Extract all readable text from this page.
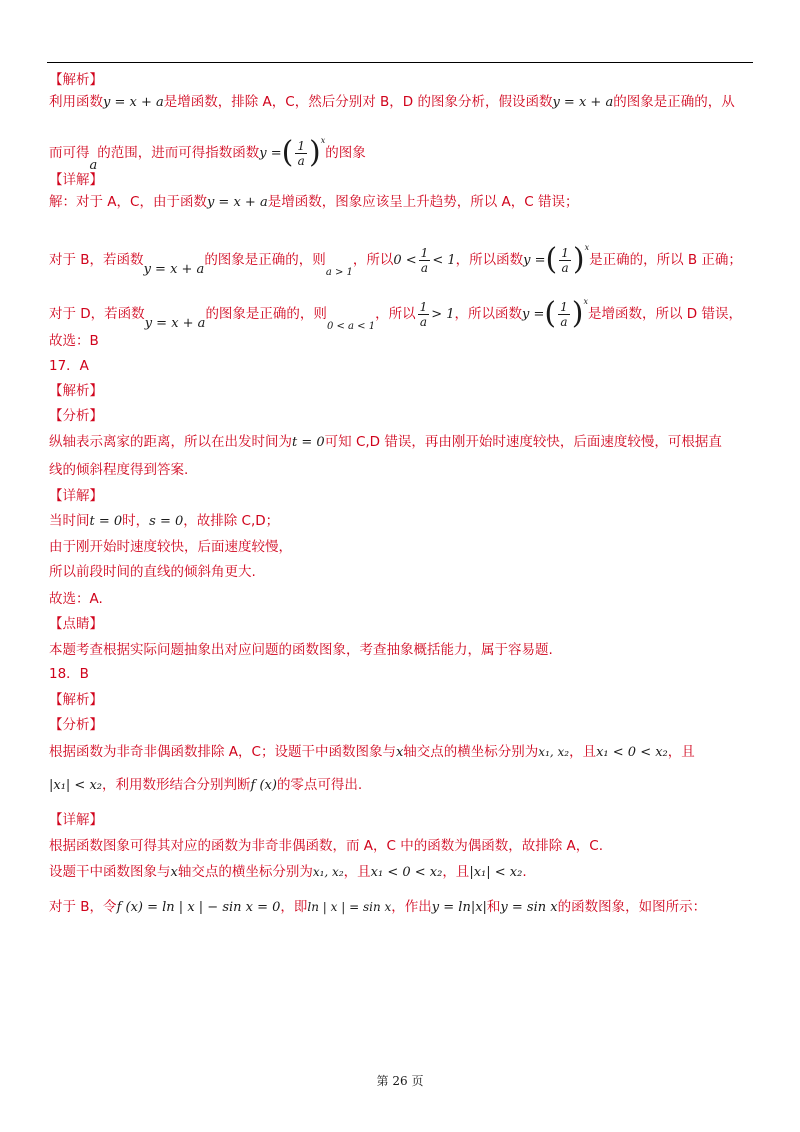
【解析】
利用函数y = x + a是增函数，排除 A，C，然后分别对 B，D 的图象分析，假设函数y = x + a的图象是正确的，从
而可得a的范围，进而可得指数函数y =( $\frac{1}{a} )^x$的图象
【详解】
解：对于 A，C，由于函数y = x + a是增函数，图象应该呈上升趋势，所以 A，C 错误；
对于 B，若函数y = x + a的图象是正确的，则a > 1，所以$0 < \frac{1}{a} < 1$，所以函数y =( $\frac{1}{a} )^x$是正确的，所以 B 正确；
对于 D，若函数y = x + a的图象是正确的，则0 < a < 1，所以 $\frac{1}{a} > 1$，所以函数y =( $\frac{1}{a} )^x$是增函数，所以 D 错误，
故选：B
17．A
【解析】
【分析】
纵轴表示离家的距离，所以在出发时间为t = 0可知 C,D 错误，再由刚开始时速度较快，后面速度较慢，可根据直
线的倾斜程度得到答案.
【详解】
当时间t = 0时，s = 0，故排除 C,D；
由于刚开始时速度较快，后面速度较慢，
所以前段时间的直线的倾斜角更大.
故选：A.
【点睛】
本题考查根据实际问题抽象出对应问题的函数图象，考查抽象概括能力，属于容易题.
18．B
【解析】
【分析】
根据函数为非奇非偶函数排除 A，C；设题干中函数图象与x轴交点的横坐标分别为x₁, x₂，且x₁ < 0 < x₂，且
|x₁| < x₂，利用数形结合分别判断f (x)的零点可得出.
【详解】
根据函数图象可得其对应的函数为非奇非偶函数，而 A，C 中的函数为偶函数，故排除 A，C.
设题干中函数图象与x轴交点的横坐标分别为x₁, x₂，且x₁ < 0 < x₂，且|x₁| < x₂.
对于 B，令f (x) = ln | x | − sin x = 0，即ln | x | = sin x，作出y = ln|x|和y = sin x的函数图象，如图所示：
第 26 页
